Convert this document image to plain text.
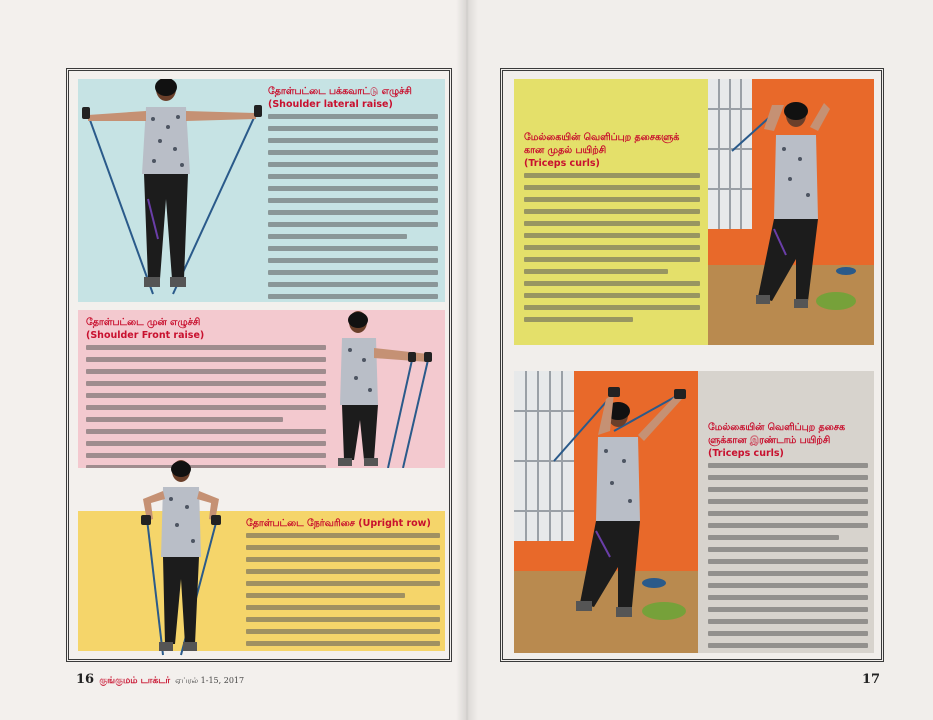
தோள்பட்டை பக்கவாட்டு எழுச்சி

(Shoulder lateral raise)

தோள்பட்டை முன் எழுச்சி

(Shoulder Front raise)

தோள்பட்டை நேர்வரிசை (Upright row)

மேல்கையின் வெளிப்புற தசைகளுக் கான முதல் பயிற்சி

(Triceps curls)

மேல்கையின் வெளிப்புற தசைக ளுக்கான இரண்டாம் பயிற்சி

(Triceps curls)

16 குங்குமம் டாக்டர் ஏப்ரல் 1-15, 2017	17
